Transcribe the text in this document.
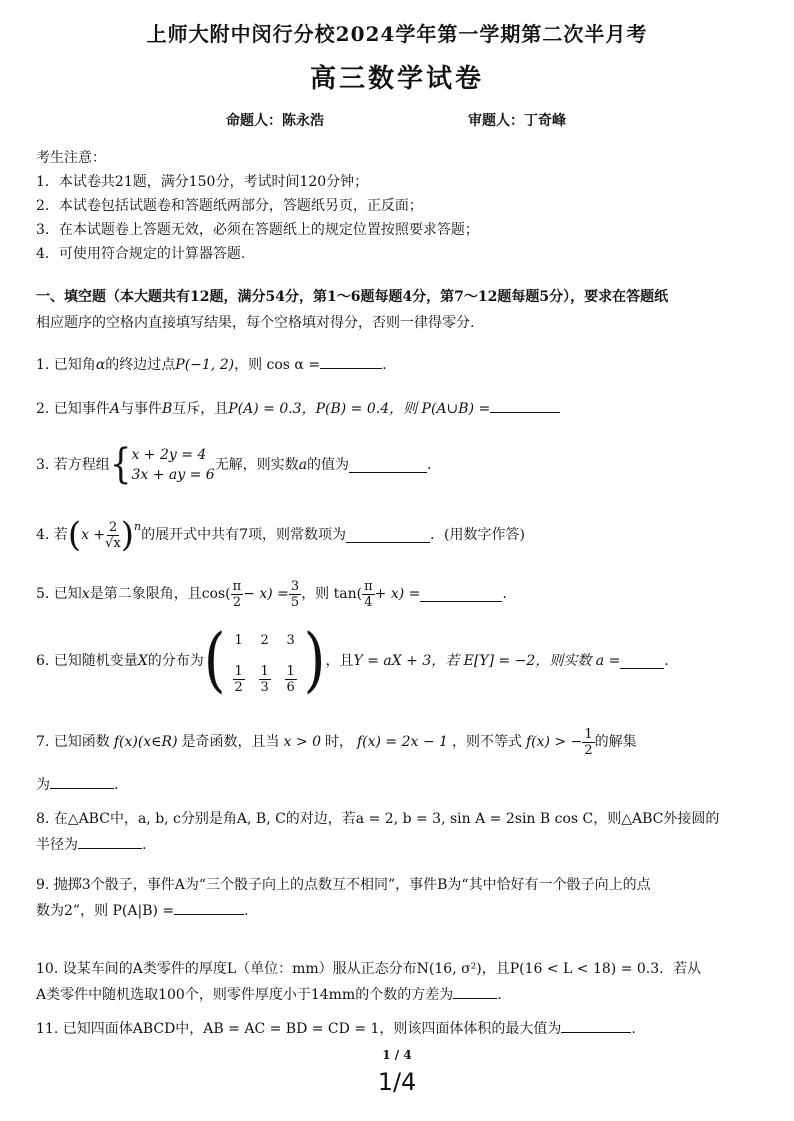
上师大附中闵行分校2024学年第一学期第二次半月考
高三数学试卷
命题人：陈永浩	审题人：丁奇峰
考生注意：
1．本试卷共21题，满分150分，考试时间120分钟；
2．本试卷包括试题卷和答题纸两部分，答题纸另页，正反面；
3．在本试题卷上答题无效，必须在答题纸上的规定位置按照要求答题；
4．可使用符合规定的计算器答题.
一、填空题（本大题共有12题，满分54分，第1～6题每题4分，第7～12题每题5分），要求在答题纸
相应题序的空格内直接填写结果，每个空格填对得分，否则一律得零分.
1. 已知角α的终边过点P(−1, 2)，则 cos α =	.
2. 已知事件A与事件B互斥，且P(A) = 0.3，P(B) = 0.4，则 P(A∪B) =
3. 若方程组 { x + 2y = 4
3x + ay = 6
无解，则实数 a 的值为	.
4. 若 ( $x + \frac{2}{√x} )^n$
的展开式中共有7项，则常数项为	．(用数字作答)
5. 已知 x 是第二象限角，且 $\cos( \frac{\pi}{2} - x) = \frac{3}{5}$ ，则 $\tan( \frac{\pi}{4} + x)$ =	.
6. 已知随机变量 X 的分布为 ( 1	2	3
$\frac{1}{2} \frac{1}{3} \frac{1}{6}$ ) ，且 Y = aX + 3，若 E[Y] = −2，则实数 a =	.
7. 已知函数 f(x)(x∈R) 是奇函数，且当 x > 0 时， f(x) = 2x − 1 ，则不等式 f(x) > − $\frac{1}{2}$ 的解集
为	.
8. 在△ABC中，a, b, c分别是角A, B, C的对边，若a = 2, b = 3, sin A = 2sin B cos C，则△ABC外接圆的
半径为	.
9. 抛掷3个骰子，事件A为“三个骰子向上的点数互不相同”，事件B为“其中恰好有一个骰子向上的点
数为2”，则 P(A|B) =	.
10. 设某车间的A类零件的厚度L（单位：mm）服从正态分布N(16, σ²)，且P(16 < L < 18) = 0.3．若从
A类零件中随机选取100个，则零件厚度小于14mm的个数的方差为	.
11. 已知四面体ABCD中，AB = AC = BD = CD = 1，则该四面体体积的最大值为	.
1 / 4
1/4
